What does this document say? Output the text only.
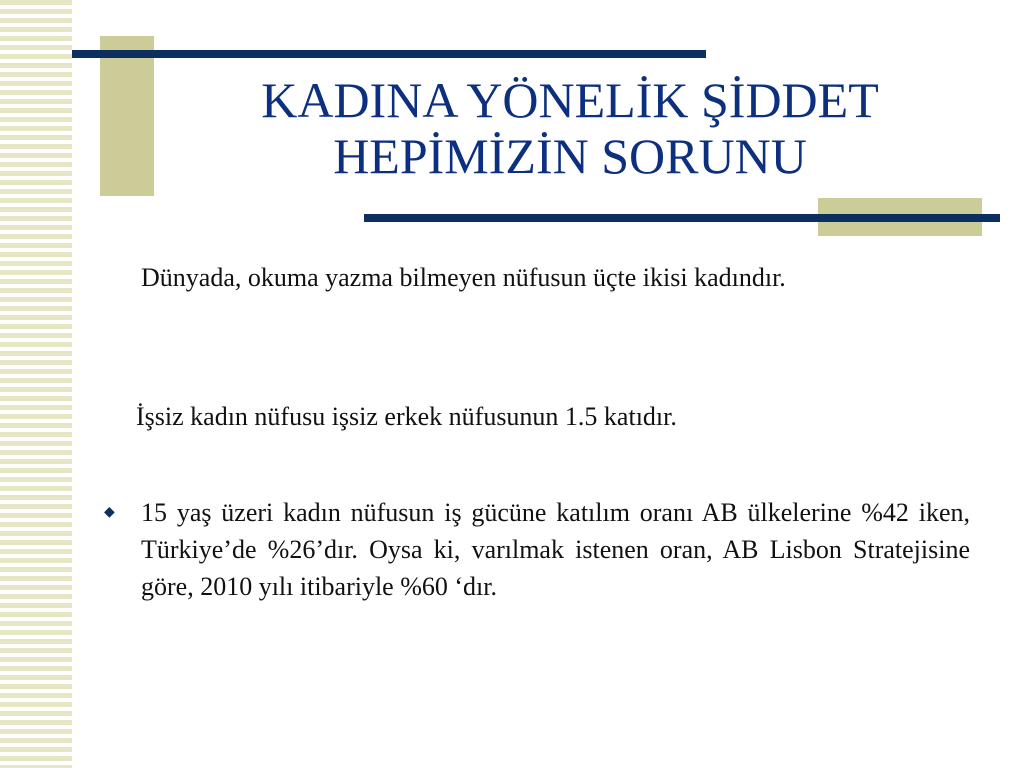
KADINA YÖNELİK ŞİDDET
HEPİMİZİN SORUNU

Dünyada, okuma yazma bilmeyen nüfusun üçte ikisi kadındır.

İşsiz kadın nüfusu işsiz erkek nüfusunun 1.5 katıdır.

◆ 15 yaş üzeri kadın nüfusun iş gücüne katılım oranı AB ülkelerine %42 iken, Türkiye’de %26’dır. Oysa ki, varılmak istenen oran, AB Lisbon Stratejisine göre, 2010 yılı itibariyle %60 ‘dır.
